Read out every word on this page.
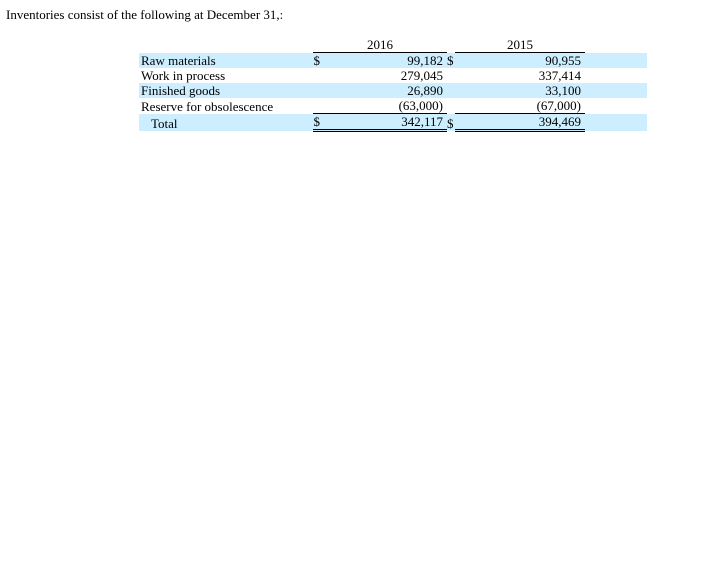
Inventories consist of the following at December 31,:
	2016			2015		
Raw materials	$	99,182	$		90,955	
Work in process		279,045			337,414	
Finished goods		26,890			33,100	
Reserve for obsolescence		(63,000)			(67,000)	
Total	$	342,117	$		394,469	
